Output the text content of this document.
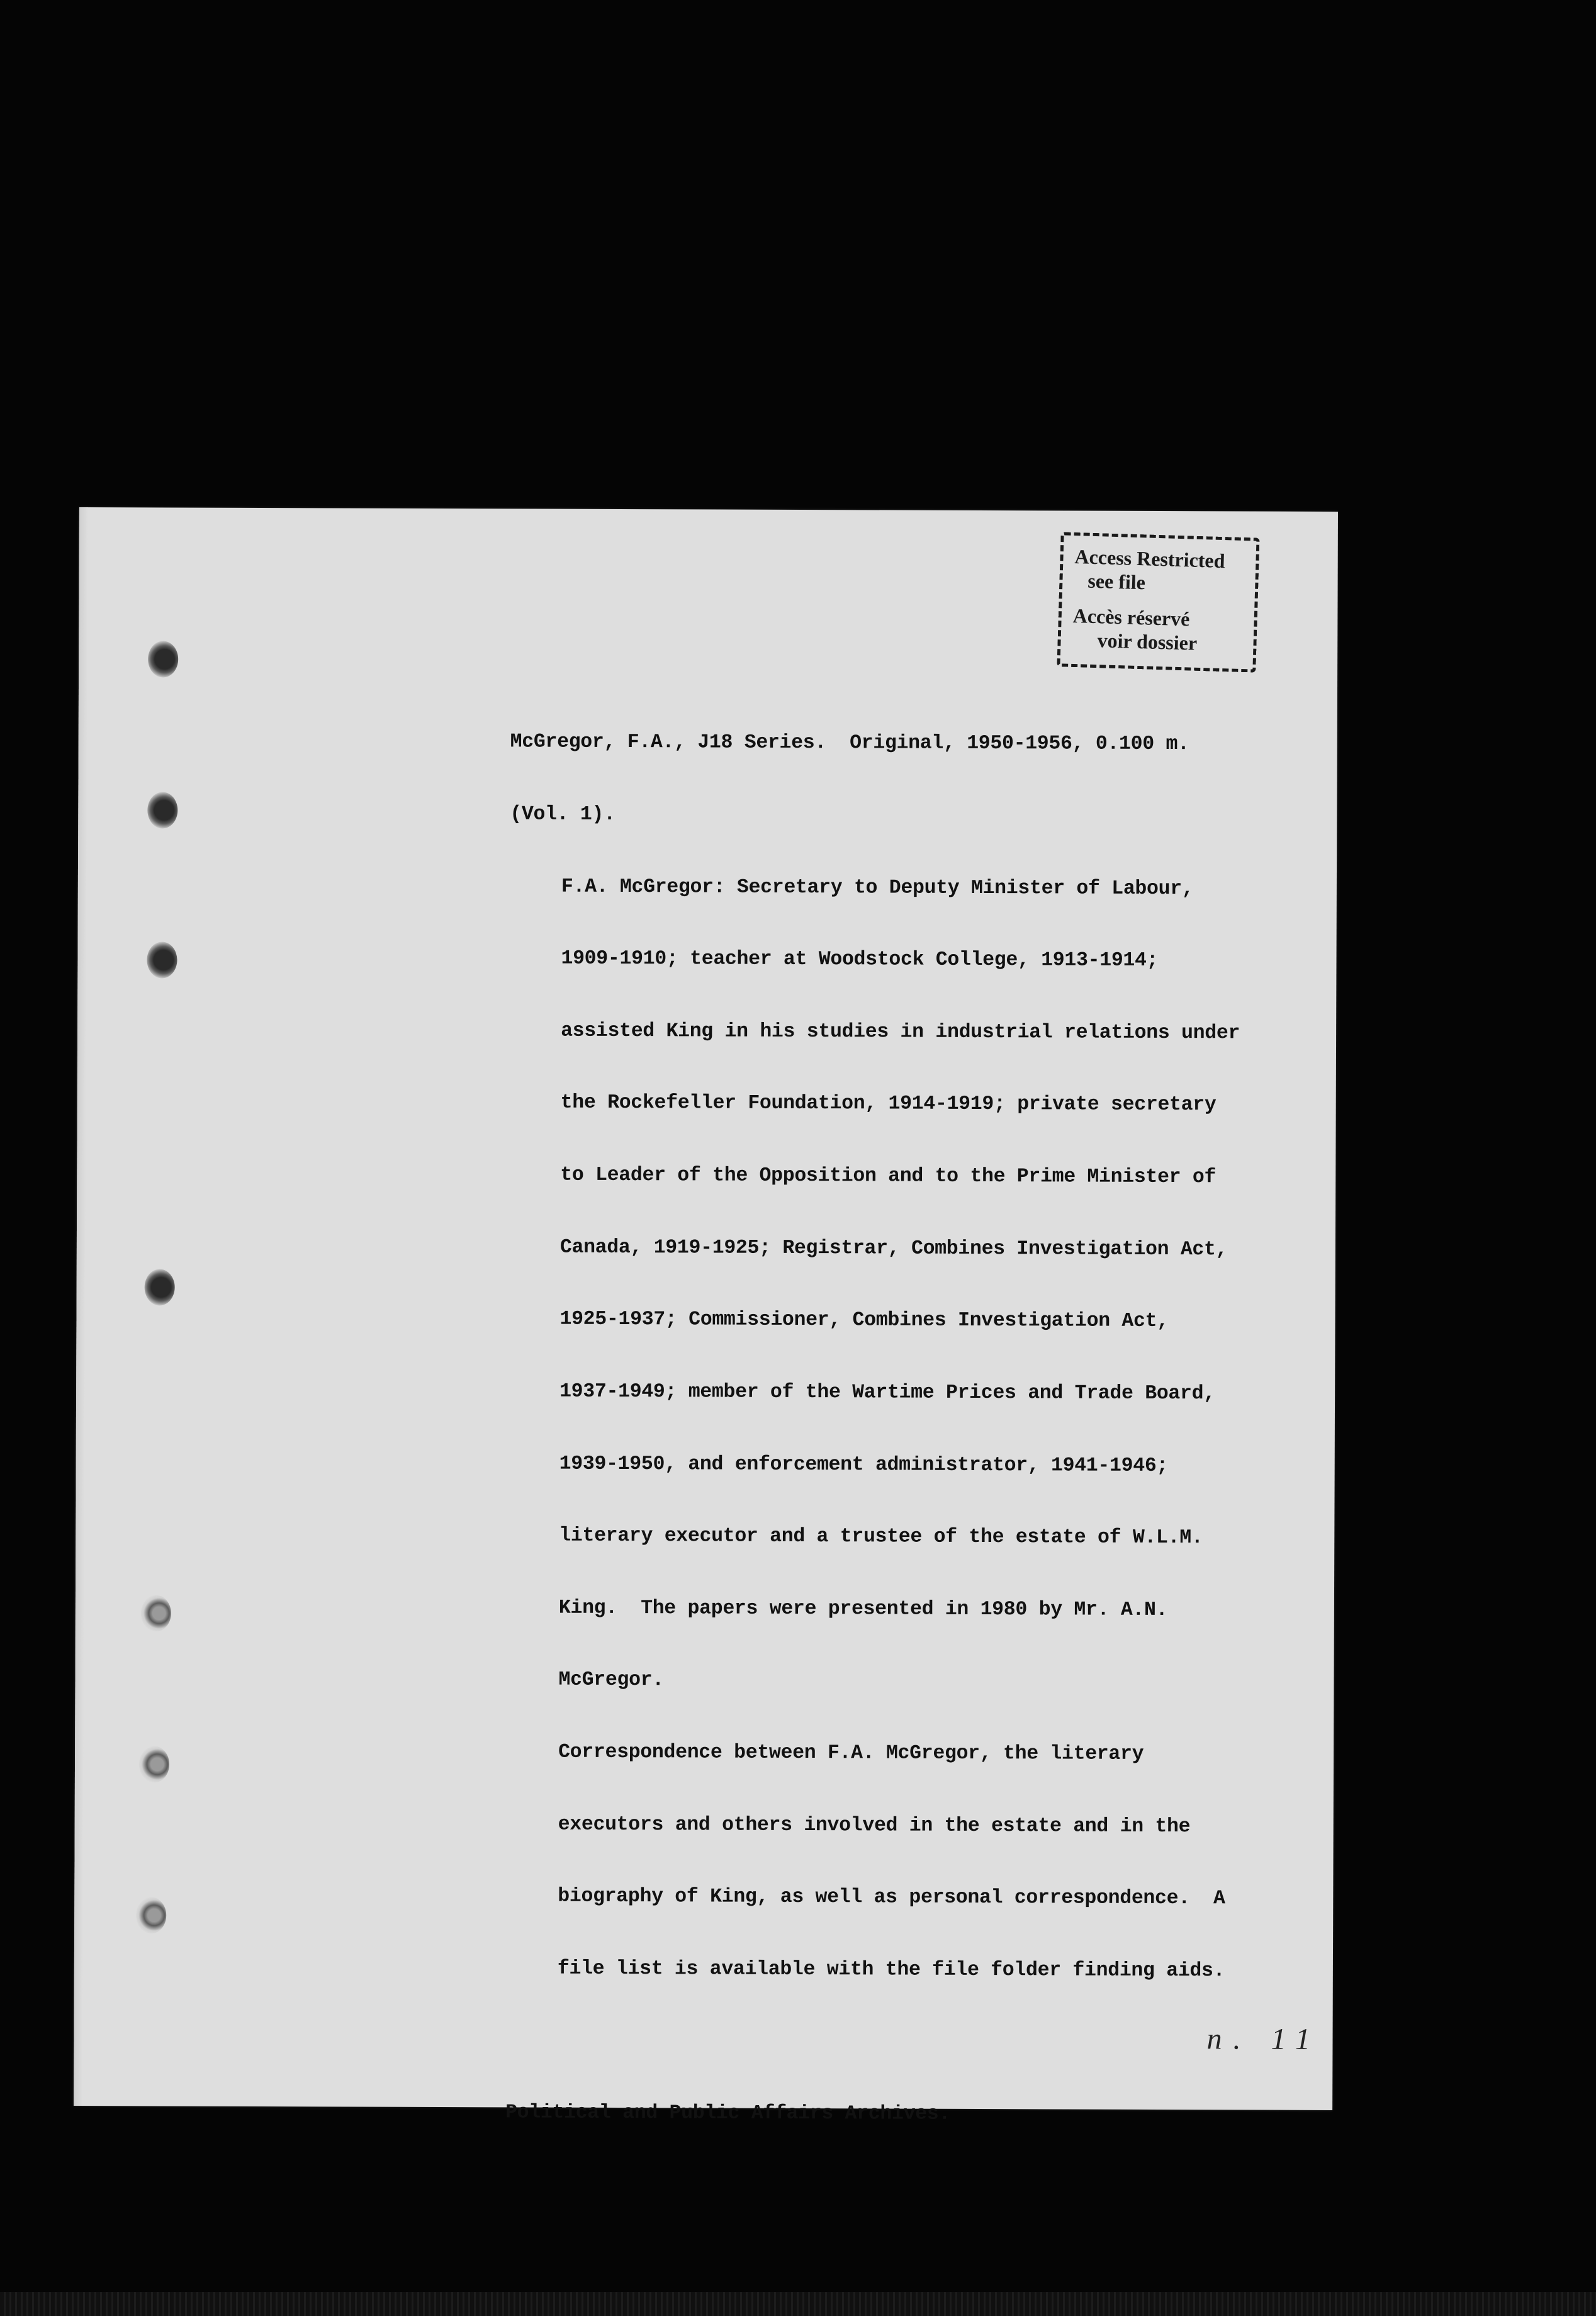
Access Restricted
see file
Accès réservé
voir dossier

McGregor, F.A., J18 Series.  Original, 1950-1956, 0.100 m.

(Vol. 1).

F.A. McGregor: Secretary to Deputy Minister of Labour,

1909-1910; teacher at Woodstock College, 1913-1914;

assisted King in his studies in industrial relations under

the Rockefeller Foundation, 1914-1919; private secretary

to Leader of the Opposition and to the Prime Minister of

Canada, 1919-1925; Registrar, Combines Investigation Act,

1925-1937; Commissioner, Combines Investigation Act,

1937-1949; member of the Wartime Prices and Trade Board,

1939-1950, and enforcement administrator, 1941-1946;

literary executor and a trustee of the estate of W.L.M.

King.  The papers were presented in 1980 by Mr. A.N.

McGregor.

Correspondence between F.A. McGregor, the literary

executors and others involved in the estate and in the

biography of King, as well as personal correspondence.  A

file list is available with the file folder finding aids.

Political and Public Affairs Archives.

n. 11
